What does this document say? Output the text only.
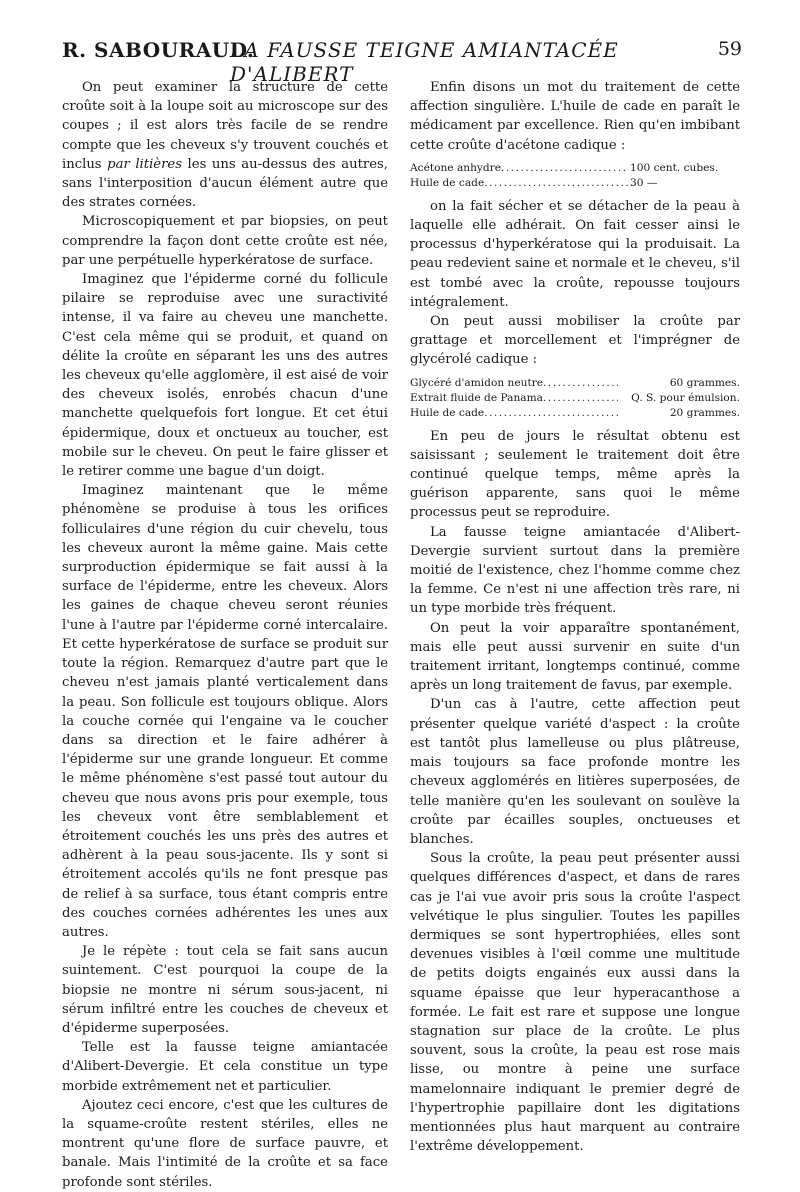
R. SABOURAUD.
LA FAUSSE TEIGNE AMIANTACÉE D'ALIBERT
59

On peut examiner la structure de cette croûte soit à la loupe soit au microscope sur des coupes ; il est alors très facile de se rendre compte que les cheveux s'y trouvent couchés et inclus par litières les uns au-dessus des autres, sans l'interposition d'aucun élément autre que des strates cornées.

Microscopiquement et par biopsies, on peut comprendre la façon dont cette croûte est née, par une perpétuelle hyperkératose de surface.

Imaginez que l'épiderme corné du follicule pilaire se reproduise avec une suractivité intense, il va faire au cheveu une manchette. C'est cela même qui se produit, et quand on délite la croûte en séparant les uns des autres les cheveux qu'elle agglomère, il est aisé de voir des cheveux isolés, enrobés chacun d'une manchette quelquefois fort longue. Et cet étui épidermique, doux et onctueux au toucher, est mobile sur le cheveu. On peut le faire glisser et le retirer comme une bague d'un doigt.

Imaginez maintenant que le même phénomène se produise à tous les orifices folliculaires d'une région du cuir chevelu, tous les cheveux auront la même gaine. Mais cette surproduction épidermique se fait aussi à la surface de l'épiderme, entre les cheveux. Alors les gaines de chaque cheveu seront réunies l'une à l'autre par l'épiderme corné intercalaire. Et cette hyperkératose de surface se produit sur toute la région. Remarquez d'autre part que le cheveu n'est jamais planté verticalement dans la peau. Son follicule est toujours oblique. Alors la couche cornée qui l'engaine va le coucher dans sa direction et le faire adhérer à l'épiderme sur une grande longueur. Et comme le même phénomène s'est passé tout autour du cheveu que nous avons pris pour exemple, tous les cheveux vont être semblablement et étroitement couchés les uns près des autres et adhèrent à la peau sous-jacente. Ils y sont si étroitement accolés qu'ils ne font presque pas de relief à sa surface, tous étant compris entre des couches cornées adhérentes les unes aux autres.

Je le répète : tout cela se fait sans aucun suintement. C'est pourquoi la coupe de la biopsie ne montre ni sérum sous-jacent, ni sérum infiltré entre les couches de cheveux et d'épiderme superposées.

Telle est la fausse teigne amiantacée d'Alibert-Devergie. Et cela constitue un type morbide extrêmement net et particulier.

Ajoutez ceci encore, c'est que les cultures de la squame-croûte restent stériles, elles ne montrent qu'une flore de surface pauvre, et banale. Mais l'intimité de la croûte et sa face profonde sont stériles.

Enfin disons un mot du traitement de cette affection singulière. L'huile de cade en paraît le médicament par excellence. Rien qu'en imbibant cette croûte d'acétone cadique :

Acétone anhydre .....	100 cent. cubes.
Huile de cade .....	30 —

on la fait sécher et se détacher de la peau à laquelle elle adhérait. On fait cesser ainsi le processus d'hyperkératose qui la produisait. La peau redevient saine et normale et le cheveu, s'il est tombé avec la croûte, repousse toujours intégralement.

On peut aussi mobiliser la croûte par grattage et morcellement et l'imprégner de glycérolé cadique :

Glycéré d'amidon neutre .....	60 grammes.
Extrait fluide de Panama .....	Q. S. pour émulsion.
Huile de cade .....	20 grammes.

En peu de jours le résultat obtenu est saisissant ; seulement le traitement doit être continué quelque temps, même après la guérison apparente, sans quoi le même processus peut se reproduire.

La fausse teigne amiantacée d'Alibert-Devergie survient surtout dans la première moitié de l'existence, chez l'homme comme chez la femme. Ce n'est ni une affection très rare, ni un type morbide très fréquent.

On peut la voir apparaître spontanément, mais elle peut aussi survenir en suite d'un traitement irritant, longtemps continué, comme après un long traitement de favus, par exemple.

D'un cas à l'autre, cette affection peut présenter quelque variété d'aspect : la croûte est tantôt plus lamelleuse ou plus plâtreuse, mais toujours sa face profonde montre les cheveux agglomérés en litières superposées, de telle manière qu'en les soulevant on soulève la croûte par écailles souples, onctueuses et blanches.

Sous la croûte, la peau peut présenter aussi quelques différences d'aspect, et dans de rares cas je l'ai vue avoir pris sous la croûte l'aspect velvétique le plus singulier. Toutes les papilles dermiques se sont hypertrophiées, elles sont devenues visibles à l'œil comme une multitude de petits doigts engainés eux aussi dans la squame épaisse que leur hyperacanthose a formée. Le fait est rare et suppose une longue stagnation sur place de la croûte. Le plus souvent, sous la croûte, la peau est rose mais lisse, ou montre à peine une surface mamelonnaire indiquant le premier degré de l'hypertrophie papillaire dont les digitations mentionnées plus haut marquent au contraire l'extrême développement.
